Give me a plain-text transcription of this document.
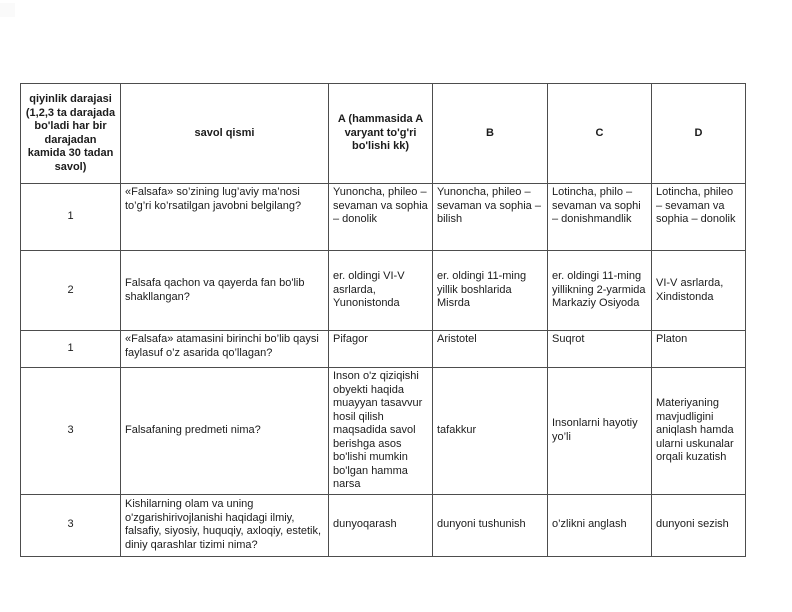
qiyinlik darajasi (1,2,3 ta darajada bo'ladi har bir darajadan kamida 30 tadan savol)	savol qismi	A (hammasida A varyant to'g'ri bo'lishi kk)	B	C	D
1	«Falsafa» so’zining lug’aviy ma’nosi to’g’ri ko’rsatilgan javobni belgilang?	Yunoncha, phileo – sevaman va sophia – donolik	Yunoncha, phileo – sevaman va sophia – bilish	Lotincha, philo – sevaman va sophi – donishmandlik	Lotincha, phileo – sevaman va sophia – donolik
2	Falsafa qachon va qayerda fan bo'lib shakllangan?	er. oldingi VI-V asrlarda, Yunonistonda	er. oldingi 11-ming yillik boshlarida Misrda	er. oldingi 11-ming yillikning 2-yarmida Markaziy Osiyoda	VI-V asrlarda, Xindistonda
1	«Falsafa» atamasini birinchi bo’lib qaysi faylasuf o’z asarida qo’llagan?	Pifagor	Aristotel	Suqrot	Platon
3	Falsafaning predmeti nima?	Inson o'z qiziqishi obyekti haqida muayyan tasavvur hosil qilish maqsadida savol berishga asos bo'lishi mumkin bo'lgan hamma narsa	tafakkur	Insonlarni hayotiy yo’li	Materiyaning mavjudligini aniqlash hamda ularni uskunalar orqali kuzatish
3	Kishilarning olam va uning o'zgarishirivojlanishi haqidagi ilmiy, falsafiy, siyosiy, huquqiy, axloqiy, estetik, diniy qarashlar tizimi nima?	dunyoqarash	dunyoni tushunish	o’zlikni anglash	dunyoni sezish
